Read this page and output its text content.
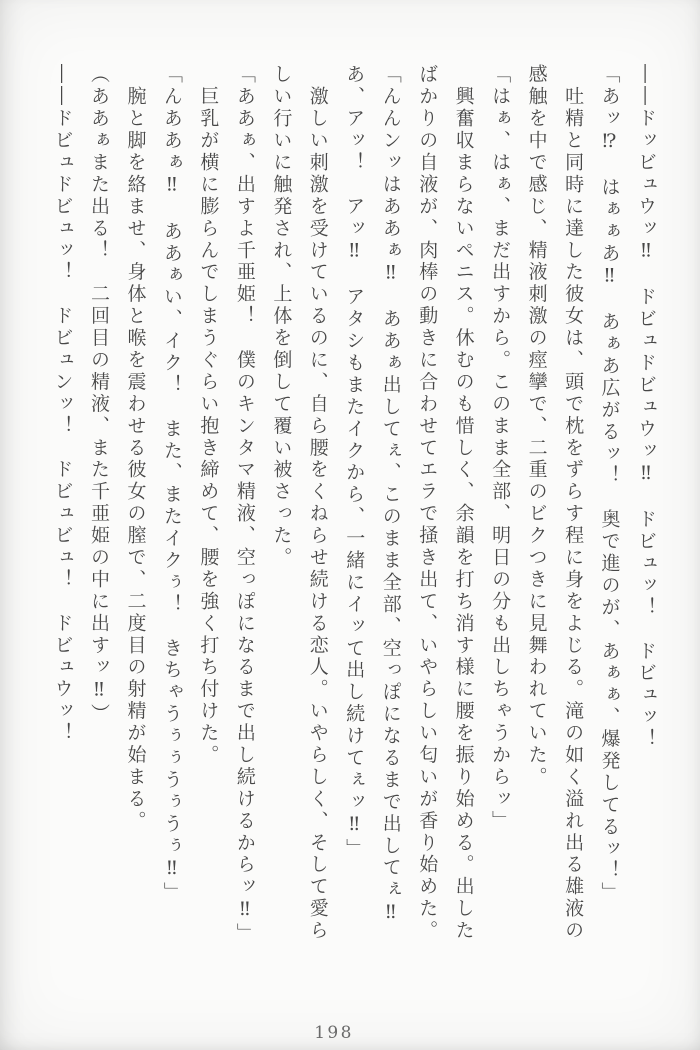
――ドッビュウッ‼　ドビュドビュウッ‼　ドビュッ！　ドビュッ！
「あッ⁉　はぁぁあ‼　あぁあ広がるッ！　奥で進のが、あぁぁ、爆発してるッ！」
　吐精と同時に達した彼女は、頭で枕をずらす程に身をよじる。滝の如く溢れ出る雄液の
感触を中で感じ、精液刺激の痙攣で、二重のビクつきに見舞われていた。
「はぁ、はぁ、まだ出すから。このまま全部、明日の分も出しちゃうからッ」
　興奮収まらないペニス。休むのも惜しく、余韻を打ち消す様に腰を振り始める。出した
ばかりの自液が、肉棒の動きに合わせてエラで掻き出て、いやらしい匂いが香り始めた。
「んんンッはああぁ‼　ああぁ出してぇ、このまま全部、空っぽになるまで出してぇ‼
あ、アッ！　アッ‼　アタシもまたイクから、一緒にイッて出し続けてぇッ‼」
　激しい刺激を受けているのに、自ら腰をくねらせ続ける恋人。いやらしく、そして愛ら
しい行いに触発され、上体を倒して覆い被さった。
「ああぁ、出すよ千亜姫！　僕のキンタマ精液、空っぽになるまで出し続けるからッ‼」
　巨乳が横に膨らんでしまうぐらい抱き締めて、腰を強く打ち付けた。
「んああぁ‼　ああぁい、イク！　また、またイクぅ！　きちゃうぅぅうぅうぅ‼」
　腕と脚を絡ませ、身体と喉を震わせる彼女の膣で、二度目の射精が始まる。
（ああぁまた出る！　二回目の精液、また千亜姫の中に出すッ‼）
――ドビュドビュッ！　ドビュンッ！　ドビュビュ！　ドビュウッ！
198
